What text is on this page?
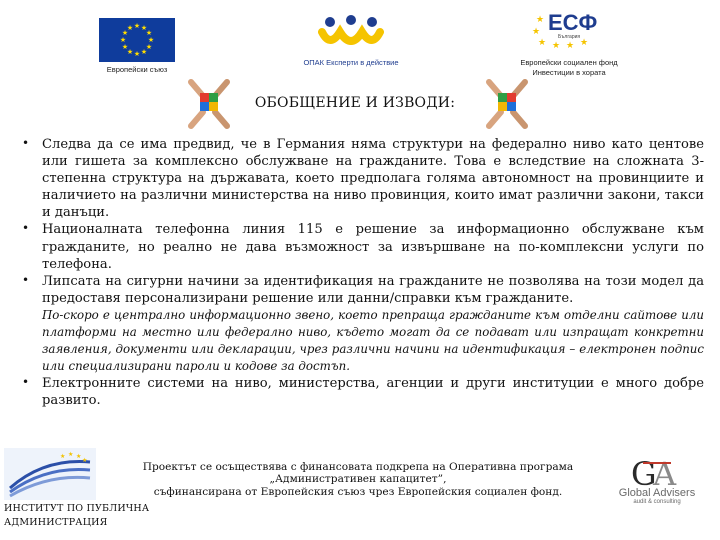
★ ★
★
★
★
★
★
★
★
★
★
★
Европейски съюз
ОПАК Експерти в действие
★
★
★ ★ ★ ★
ЕСФ
България
Европейски социален фонд
Инвестиции в хората
ОБОБЩЕНИЕ И ИЗВОДИ:
• Следва да се има предвид, че в Германия няма структури на федерално ниво като центове или гишета за комплексно обслужване на гражданите. Това е вследствие на сложната 3-степенна структура на държавата, което предполага голяма автономност на провинциите и наличието на различни министерства на ниво провинция, които имат различни закони, такси и данъци.

• Националната телефонна линия 115 е решение за информационно обслужване към гражданите, но реално не дава възможност за извършване на по-комплексни услуги по телефона.

• Липсата на сигурни начини за идентификация на гражданите не позволява на този модел да предоставя персонализирани решение или данни/справки към гражданите.

По-скоро е централно информационно звено, което препраща гражданите към отделни сайтове или платформи на местно или федерално ниво, където могат да се подават или изпращат конкретни заявления, документи или декларации, чрез различни начини на идентификация – електронен подпис или специализирани пароли и кодове за достъп.

• Електронните системи на ниво, министерства, агенции и други институции е много добре развито.

★ ★ ★
★
ИНСТИТУТ ПО ПУБЛИЧНА
АДМИНИСТРАЦИЯ
Проектът се осъществява с финансовата подкрепа на Оперативна програма
„Административен капацитет”,
съфинансирана от Европейския съюз чрез Европейския социален фонд.	G
A
Global Advisers
audit & consulting
